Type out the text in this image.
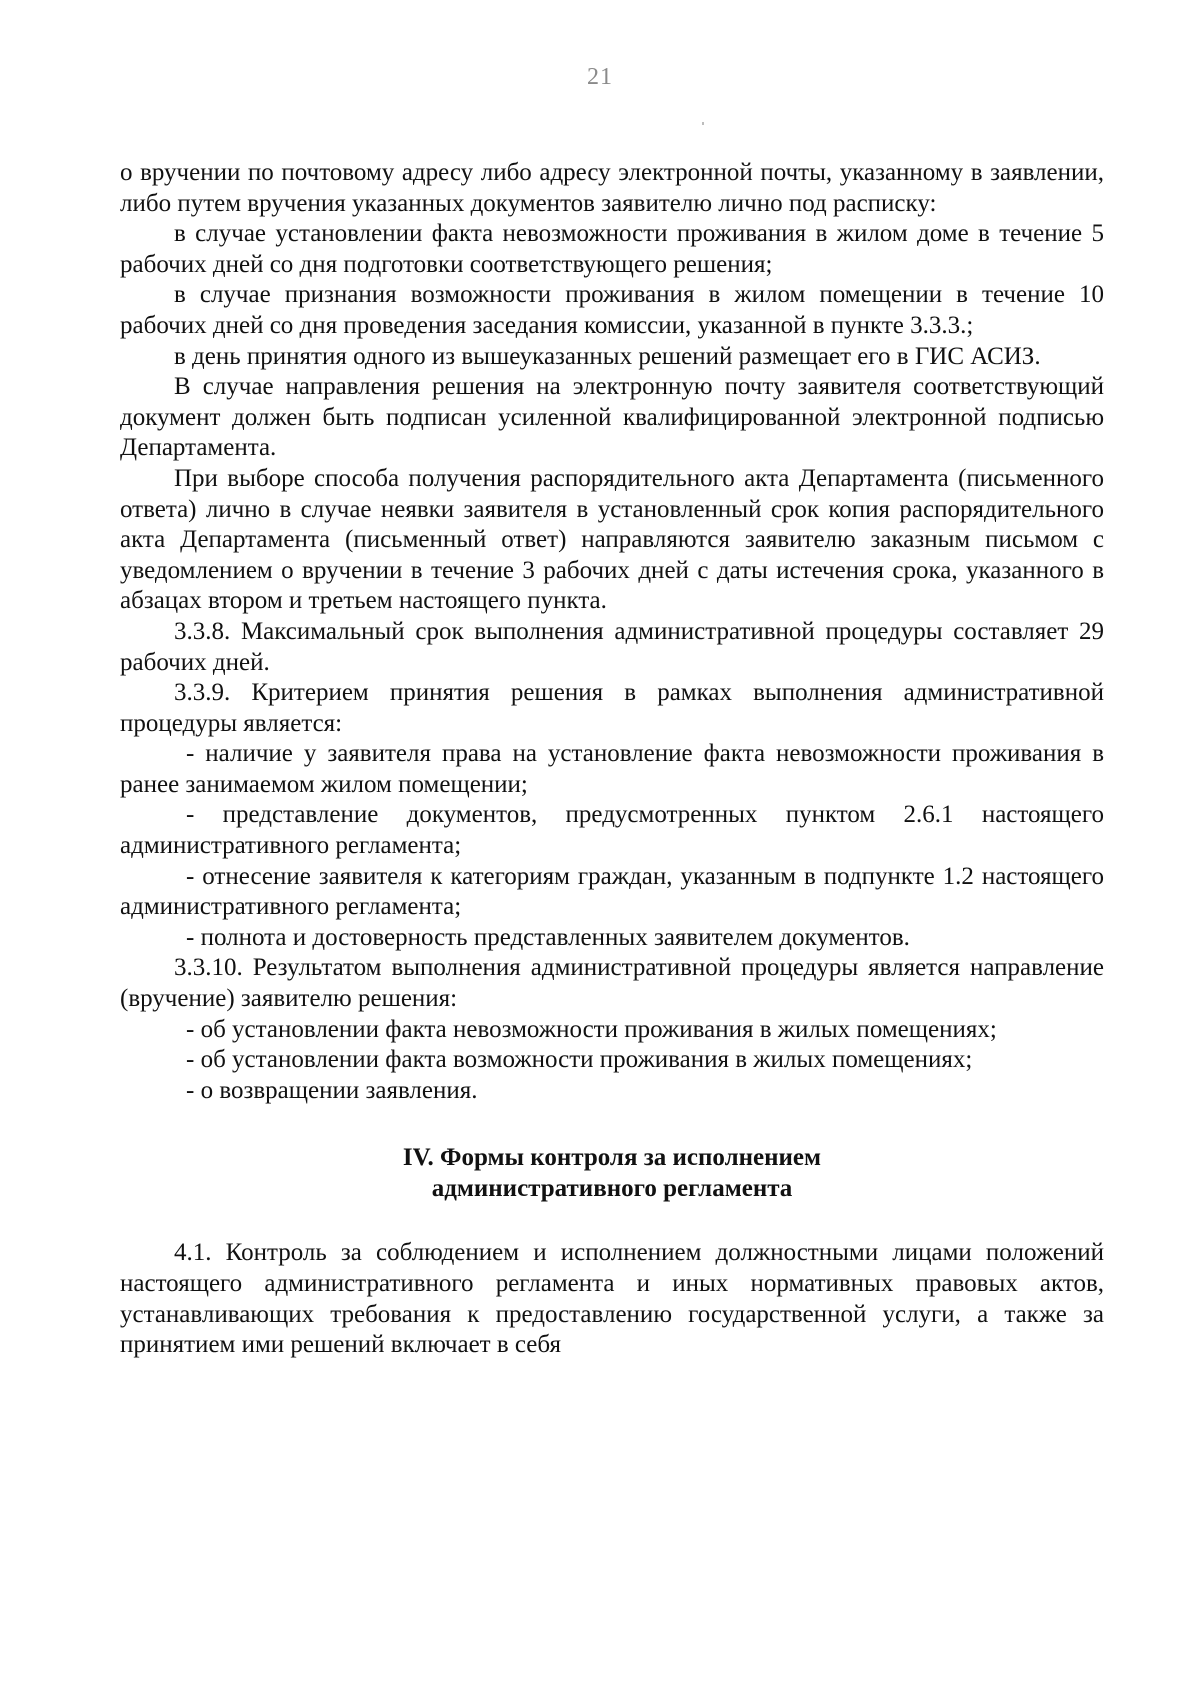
21

о вручении по почтовому адресу либо адресу электронной почты, указанному в заявлении, либо путем вручения указанных документов заявителю лично под расписку:

в случае установлении факта невозможности проживания в жилом доме в течение 5 рабочих дней со дня подготовки соответствующего решения;

в случае признания возможности проживания в жилом помещении в течение 10 рабочих дней со дня проведения заседания комиссии, указанной в пункте 3.3.3.;

в день принятия одного из вышеуказанных решений размещает его в ГИС АСИЗ.

В случае направления решения на электронную почту заявителя соответствующий документ должен быть подписан усиленной квалифицированной электронной подписью Департамента.

При выборе способа получения распорядительного акта Департамента (письменного ответа) лично в случае неявки заявителя в установленный срок копия распорядительного акта Департамента (письменный ответ) направляются заявителю заказным письмом с уведомлением о вручении в течение 3 рабочих дней с даты истечения срока, указанного в абзацах втором и третьем настоящего пункта.

3.3.8. Максимальный срок выполнения административной процедуры составляет 29 рабочих дней.

3.3.9. Критерием принятия решения в рамках выполнения административной процедуры является:

- наличие у заявителя права на установление факта невозможности проживания в ранее занимаемом жилом помещении;

- представление документов, предусмотренных пунктом 2.6.1 настоящего административного регламента;

- отнесение заявителя к категориям граждан, указанным в подпункте 1.2 настоящего административного регламента;

- полнота и достоверность представленных заявителем документов.

3.3.10. Результатом выполнения административной процедуры является направление (вручение) заявителю решения:

- об установлении факта невозможности проживания в жилых помещениях;

- об установлении факта возможности проживания в жилых помещениях;

- о возвращении заявления.

IV. Формы контроля за исполнением
административного регламента

4.1. Контроль за соблюдением и исполнением должностными лицами положений настоящего административного регламента и иных нормативных правовых актов, устанавливающих требования к предоставлению государственной услуги, а также за принятием ими решений включает в себя
